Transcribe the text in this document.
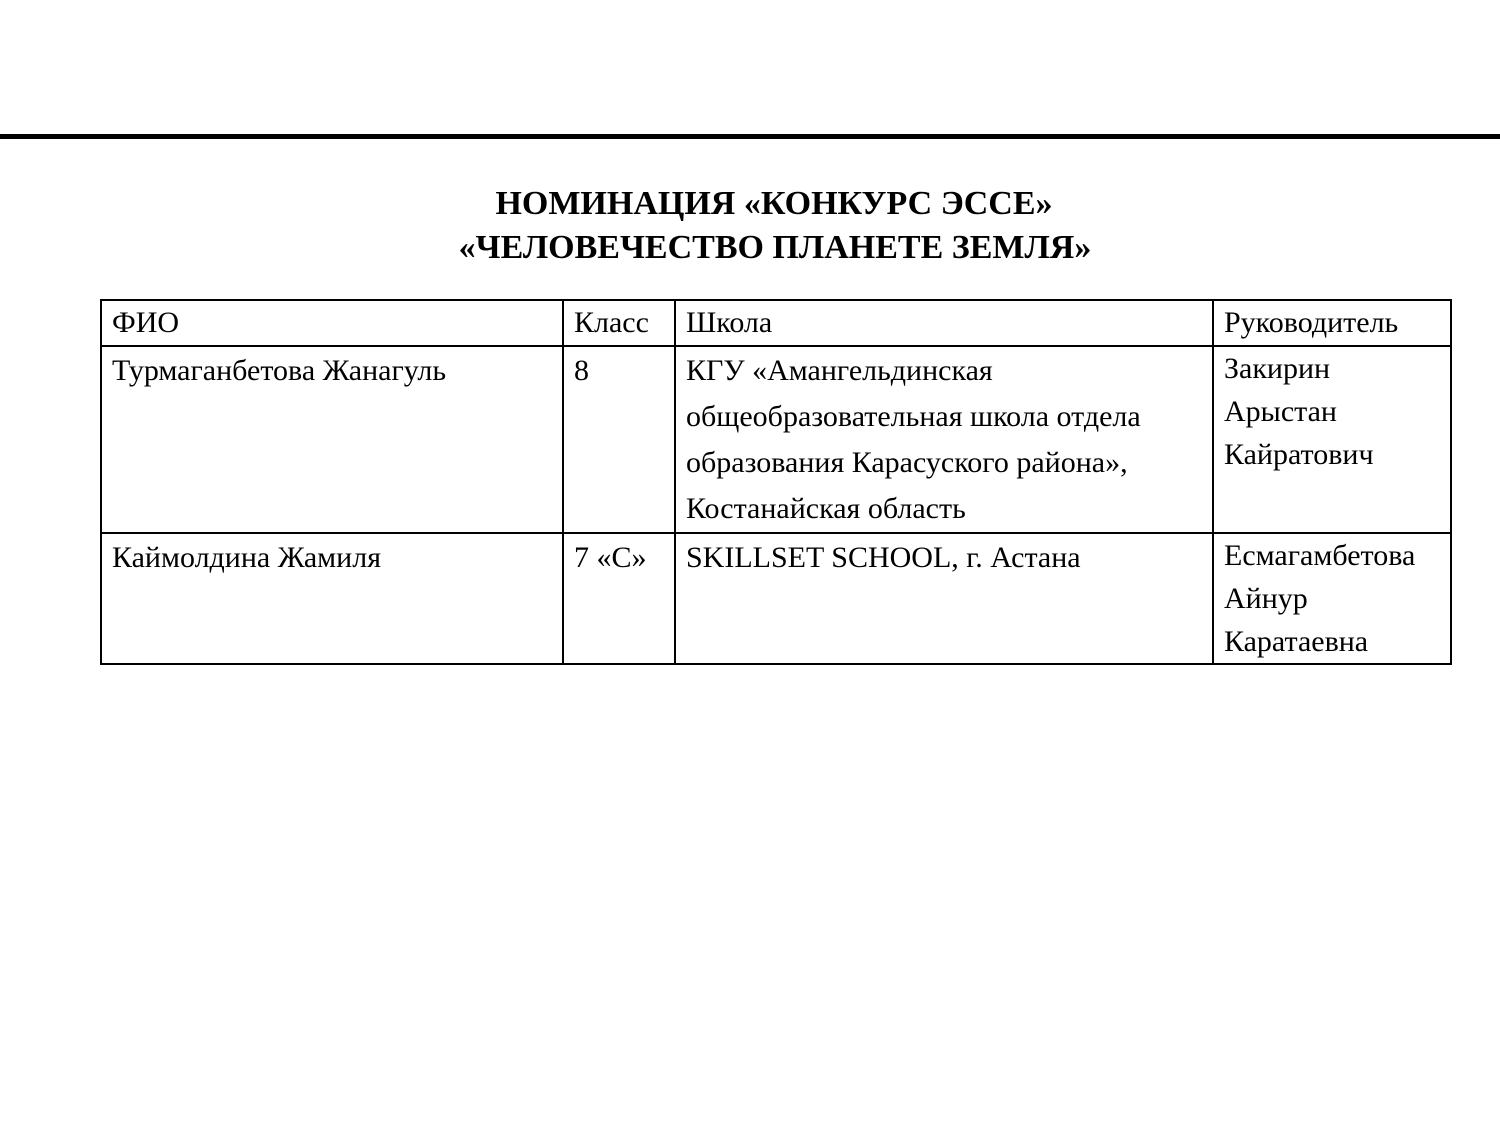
НОМИНАЦИЯ «КОНКУРС ЭССЕ»
«ЧЕЛОВЕЧЕСТВО ПЛАНЕТЕ ЗЕМЛЯ»
ФИО	Класс	Школа	Руководитель

Турмаганбетова Жанагуль	8	КГУ «Амангельдинская общеобразовательная школа отдела образования Карасуского района», Костанайская область	Закирин Арыстан Кайратович

Каймолдина Жамиля	7 «С»	SKILLSET SCHOOL, г. Астана	Есмагамбетова Айнур Каратаевна
